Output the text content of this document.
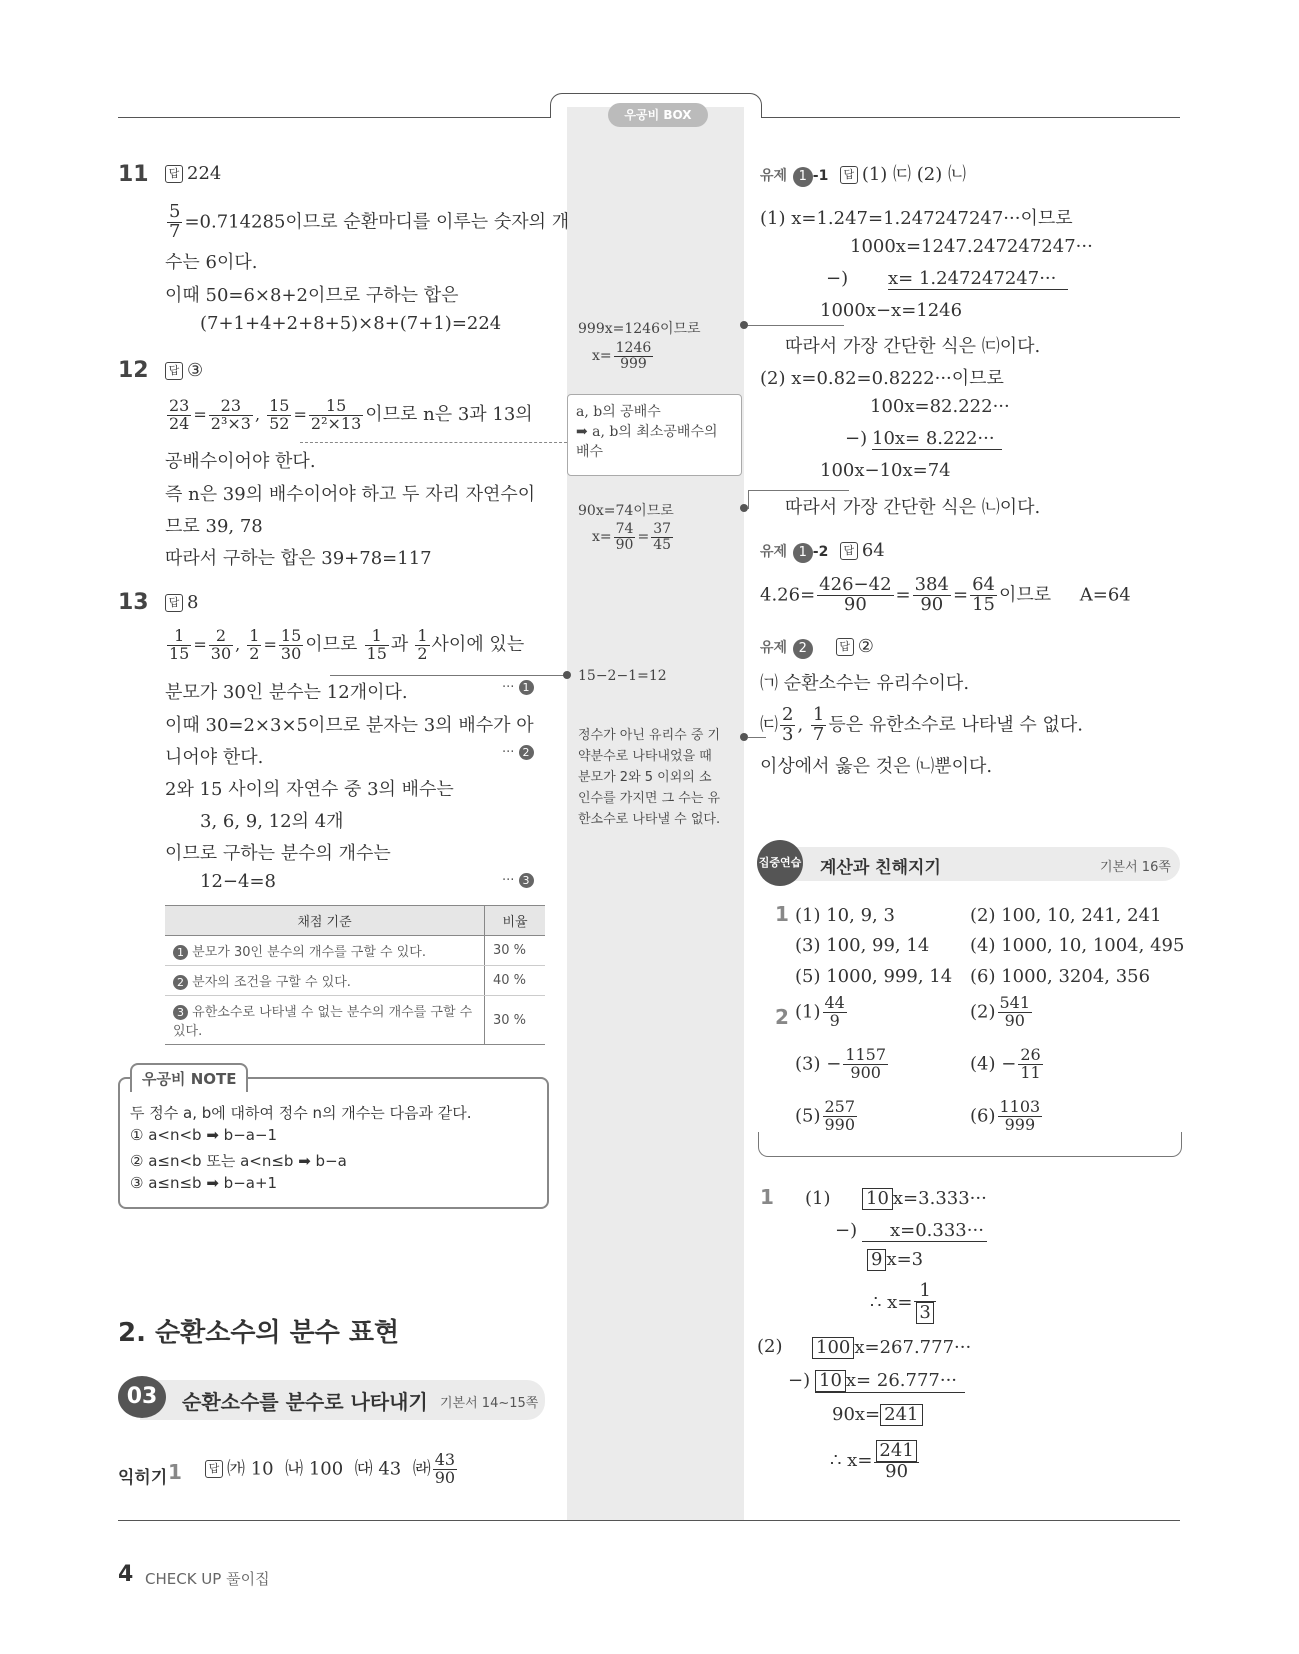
우공비 BOX
11	답 224
$\frac{5}{7} =0.714285$이므로 순환마디를 이루는 숫자의 개
수는 6이다.
이때 50=6×8+2이므로 구하는 합은
(7+1+4+2+8+5)×8+(7+1)=224
12	답 ③
$\frac{23}{24} = \frac{23}{\text{2³×3}}$ , $\frac{15}{52} = \frac{15}{\text{2²×13}}$ 이므로 n은 3과 13의
공배수이어야 한다.
즉 n은 39의 배수이어야 하고 두 자리 자연수이
므로 39, 78
따라서 구하는 합은 39+78=117
13	답 8
$\frac{1}{15} = \frac{2}{30}$ , $\frac{1}{2} = \frac{15}{30}$ 이므로 $\frac{1}{15}$ 과 $\frac{1}{2}$ 사이에 있는
분모가 30인 분수는 12개이다.	··· 1
이때 30=2×3×5이므로 분자는 3의 배수가 아
니어야 한다.	··· 2
2와 15 사이의 자연수 중 3의 배수는
3, 6, 9, 12의 4개
이므로 구하는 분수의 개수는
12−4=8	··· 3
채점 기준	비율
1 분모가 30인 분수의 개수를 구할 수 있다.	30 %
2 분자의 조건을 구할 수 있다.	40 %
3 유한소수로 나타낼 수 없는 분수의 개수를 구할 수 있다.	30 %
우공비 NOTE
두 정수 a, b에 대하여 정수 n의 개수는 다음과 같다.
① a<n<b ➡ b−a−1
② a≤n<b 또는 a<n≤b ➡ b−a
③ a≤n≤b ➡ b−a+1
2. 순환소수의 분수 표현
03	순환소수를 분수로 나타내기 기본서 14~15쪽
익히기 1	답 ㈎ 10 ㈏ 100 ㈐ 43 ㈑ $\frac{43}{90}$
999x=1246이므로
$x= \frac{1246}{999}$
a, b의 공배수
➡ a, b의 최소공배수의
배수
90x=74이므로
$x= \frac{74}{90} = \frac{37}{45}$
15−2−1=12
정수가 아닌 유리수 중 기
약분수로 나타내었을 때
분모가 2와 5 이외의 소
인수를 가지면 그 수는 유
한소수로 나타낼 수 없다.
유제 1 -1 답 (1) ㈂ (2) ㈁
(1) x=1.247=1.247247247···이므로
1000x=1247.247247247···
−) x= 1.247247247···
1000x−x=1246
따라서 가장 간단한 식은 ㈂이다.
(2) x=0.82=0.8222···이므로
100x=82.222···
−) 10x= 8.222···
100x−10x=74
따라서 가장 간단한 식은 ㈁이다.
유제 1 -2 답 64
$4.26= \frac{426-42}{90} = \frac{384}{90} = \frac{64}{15}$ 이므로 A=64
유제 2	답 ②
㈀ 순환소수는 유리수이다.
㈂ $\frac{2}{3}$ , $\frac{1}{7}$ 등은 유한소수로 나타낼 수 없다.
이상에서 옳은 것은 ㈁뿐이다.
집중연습 계산과 친해지기	기본서 16쪽
1 (1) 10, 9, 3	(2) 100, 10, 241, 241
(3) 100, 99, 14 (4) 1000, 10, 1004, 495
(5) 1000, 999, 14 (6) 1000, 3204, 356
2 $(1) \frac{44}{9}$	$(2) \frac{541}{90}$
$(3) - \frac{1157}{900}$	$(4) - \frac{26}{11}$
$(5) \frac{257}{990}$	$(6) \frac{1103}{999}$
1 (1) 10 x=3.333···
−)	x=0.333···
9 x=3
∴ $x= \frac{1}{3}$
(2) 100 x=267.777···
−) 10 x= 26.777···
90x= 241
∴ $x= \frac{241}{90}$
4 CHECK UP 풀이집
